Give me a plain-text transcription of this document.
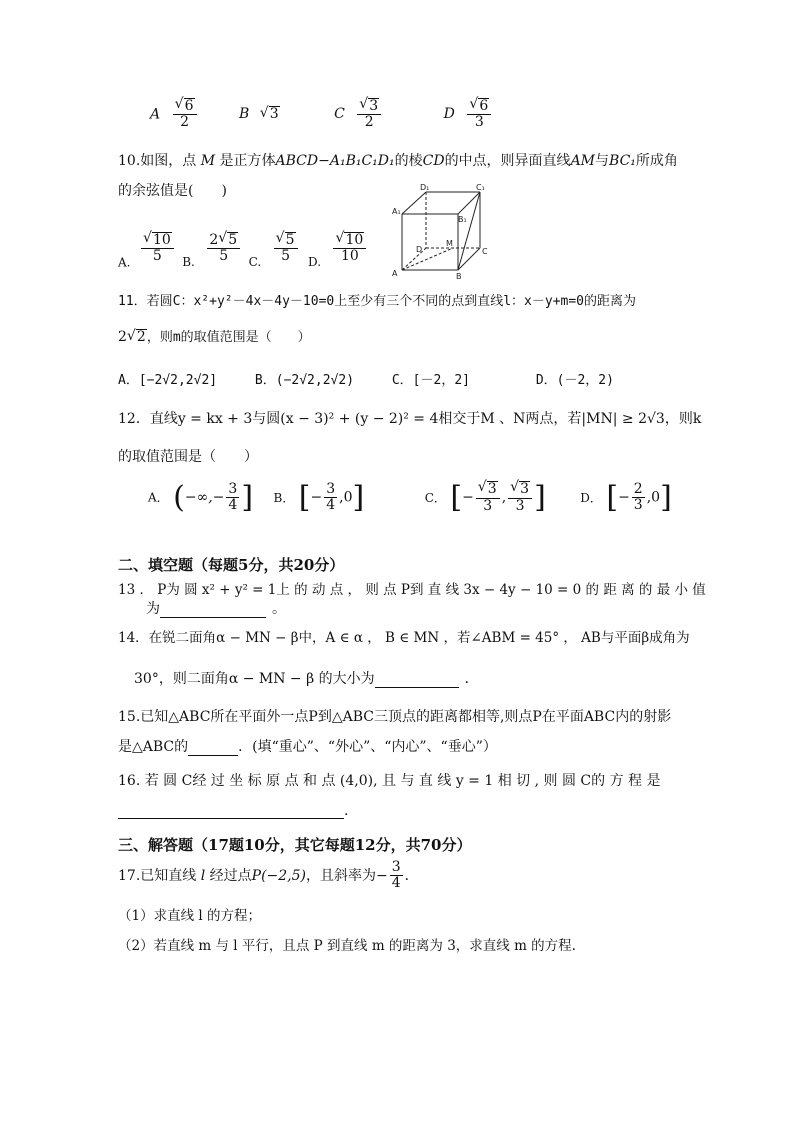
A √ $\frac{6}{2}$	B √ 3	C √ $\frac{3}{2}$	D √ $\frac{6}{3}$
10.如图，点 M 是正方体ABCD−A₁B₁C₁D₁的棱CD的中点，则异面直线AM与BC₁所成角
的余弦值是(　　)
A. √ $\frac{10}{5} B$. $\frac{2 √ 5}{5} C$. √ $\frac{5}{5} D$. √ $\frac{10}{10}$
D₁	C₁
A₁
B₁
D
M
C
A	B
11．若圆C：x²+y²－4x－4y－10=0上至少有三个不同的点到直线l：x－y+m=0的距离为
2 √ 2，则m的取值范围是（　　）
A．[−2√2,2√2]	B．(−2√2,2√2)	C．[－2，2]	D．(－2，2)
12．直线y = kx + 3与圆(x − 3)² + (y − 2)² = 4相交于M 、N两点，若|MN| ≥ 2√3，则k
的取值范围是（　　）
A． (−∞,− $\frac{3}{4}$ ] B． [− $\frac{3}{4} ,0$]	C． [− √ $\frac{3}{3}$ , √ $\frac{3}{3}$ ]	D． [− $\frac{2}{3} ,0$]
二、填空题（每题5分，共20分）
13 ． P为 圆 x² + y² = 1上 的 动 点 ， 则 点 P到 直 线 3x − 4y − 10 = 0 的 距 离 的 最 小 值
为	。
14．在锐二面角α − MN − β中，A ∈ α ， B ∈ MN ，若∠ABM = 45° ， AB与平面β成角为
30°，则二面角α − MN − β 的大小为	．
15.已知△ABC所在平面外一点P到△ABC三顶点的距离都相等,则点P在平面ABC内的射影
是△ABC的	．(填“重心”、“外心”、“内心”、“垂心”）
16. 若 圆 C经 过 坐 标 原 点 和 点 (4,0), 且 与 直 线 y = 1 相 切 , 则 圆 C的 方 程 是
.
三、解答题（17题10分，其它每题12分，共70分）
17.已知直线 l 经过点P(−2,5)，且斜率为− $\frac{3}{4}$ ．
（1）求直线 l 的方程；
（2）若直线 m 与 l 平行，且点 P 到直线 m 的距离为 3，求直线 m 的方程.
